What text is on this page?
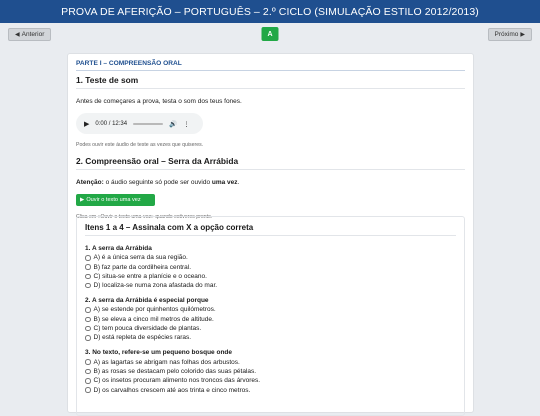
PROVA DE AFERIÇÃO – PORTUGUÊS – 2.º CICLO (SIMULAÇÃO ESTILO 2012/2013)
◀ Anterior	A	Próximo ▶
PARTE I – COMPREENSÃO ORAL
1. Teste de som
Antes de começares a prova, testa o som dos teus fones.
▶ 0:00 / 12:34	🔊 ⋮
Podes ouvir este áudio de teste as vezes que quiseres.
2. Compreensão oral – Serra da Arrábida
Atenção: o áudio seguinte só pode ser ouvido uma vez.
▶ Ouvir o texto uma vez
Clica em «Ouvir o texto uma vez» quando estiveres pronto.
Itens 1 a 4 – Assinala com X a opção correta
1. A serra da Arrábida
A) é a única serra da sua região.
B) faz parte da cordilheira central.
C) situa-se entre a planície e o oceano.
D) localiza-se numa zona afastada do mar.
2. A serra da Arrábida é especial porque
A) se estende por quinhentos quilómetros.
B) se eleva a cinco mil metros de altitude.
C) tem pouca diversidade de plantas.
D) está repleta de espécies raras.
3. No texto, refere-se um pequeno bosque onde
A) as lagartas se abrigam nas folhas dos arbustos.
B) as rosas se destacam pelo colorido das suas pétalas.
C) os insetos procuram alimento nos troncos das árvores.
D) os carvalhos crescem até aos trinta e cinco metros.
